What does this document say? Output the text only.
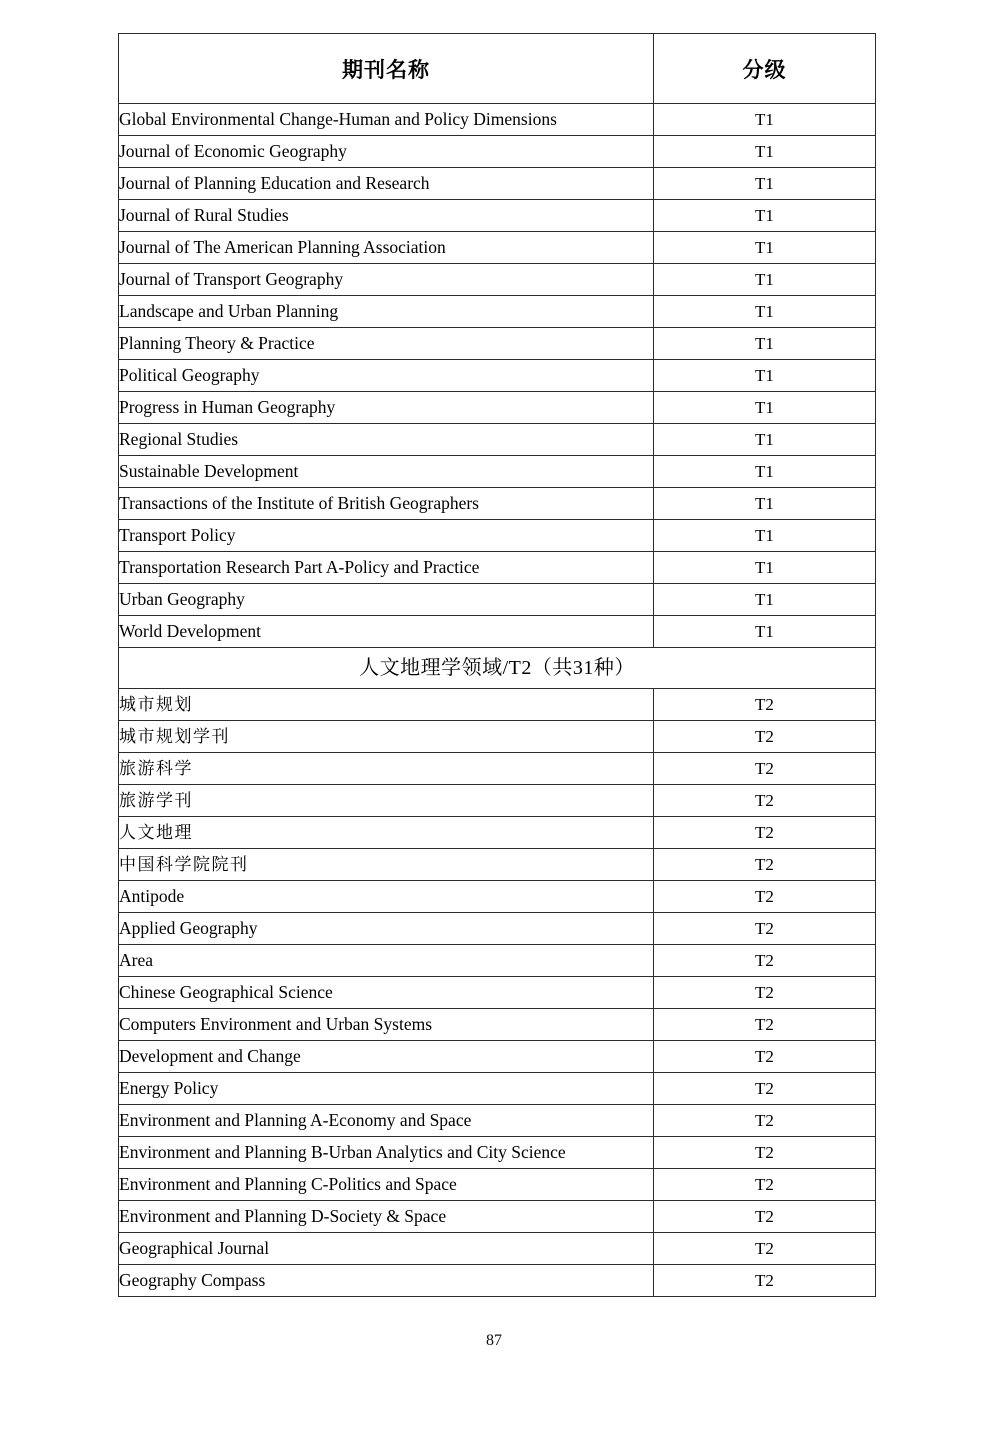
期刊名称	分级
Global Environmental Change-Human and Policy Dimensions	T1
Journal of Economic Geography	T1
Journal of Planning Education and Research	T1
Journal of Rural Studies	T1
Journal of The American Planning Association	T1
Journal of Transport Geography	T1
Landscape and Urban Planning	T1
Planning Theory & Practice	T1
Political Geography	T1
Progress in Human Geography	T1
Regional Studies	T1
Sustainable Development	T1
Transactions of the Institute of British Geographers	T1
Transport Policy	T1
Transportation Research Part A-Policy and Practice	T1
Urban Geography	T1
World Development	T1
人文地理学领域/T2（共31种）	
城市规划	T2
城市规划学刊	T2
旅游科学	T2
旅游学刊	T2
人文地理	T2
中国科学院院刊	T2
Antipode	T2
Applied Geography	T2
Area	T2
Chinese Geographical Science	T2
Computers Environment and Urban Systems	T2
Development and Change	T2
Energy Policy	T2
Environment and Planning A-Economy and Space	T2
Environment and Planning B-Urban Analytics and City Science	T2
Environment and Planning C-Politics and Space	T2
Environment and Planning D-Society & Space	T2
Geographical Journal	T2
Geography Compass	T2
87
